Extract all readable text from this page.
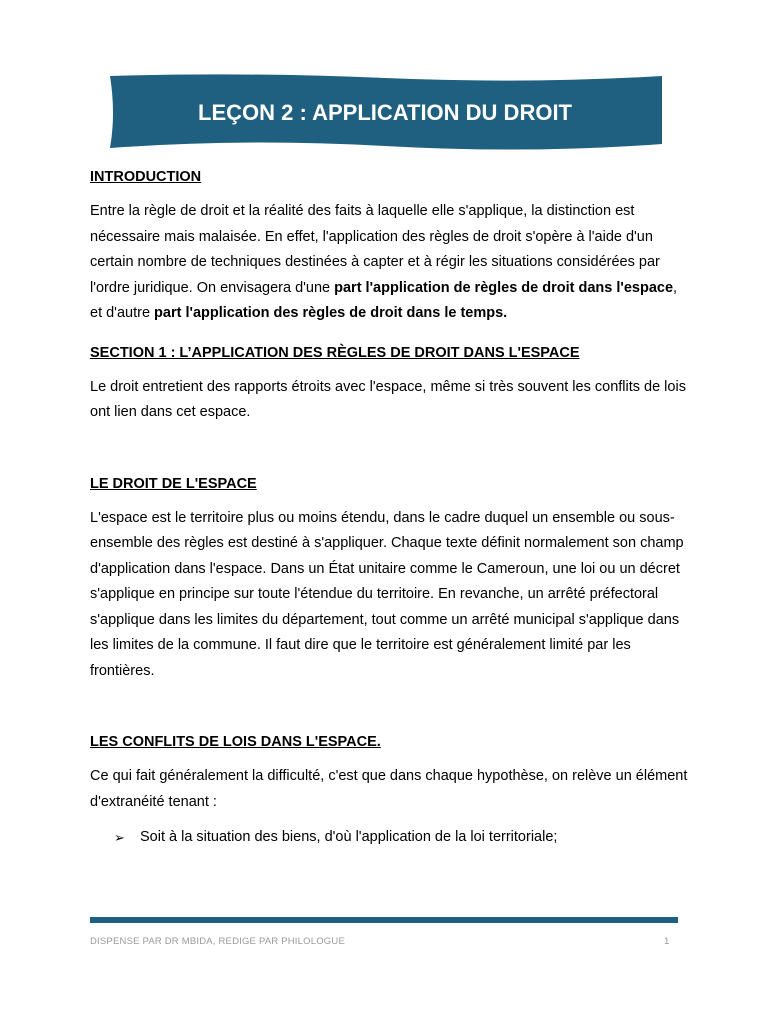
LEÇON 2 : APPLICATION DU DROIT

INTRODUCTION

Entre la règle de droit et la réalité des faits à laquelle elle s'applique, la distinction est nécessaire mais malaisée. En effet, l'application des règles de droit s'opère à l'aide d'un certain nombre de techniques destinées à capter et à régir les situations considérées par l'ordre juridique. On envisagera d'une part l'application de règles de droit dans l'espace, et d'autre part l'application des règles de droit dans le temps.

SECTION 1 : L’APPLICATION DES RÈGLES DE DROIT DANS L'ESPACE

Le droit entretient des rapports étroits avec l'espace, même si très souvent les conflits de lois ont lien dans cet espace.

LE DROIT DE L'ESPACE

L'espace est le territoire plus ou moins étendu, dans le cadre duquel un ensemble ou sous-ensemble des règles est destiné à s'appliquer. Chaque texte définit normalement son champ d'application dans l'espace. Dans un État unitaire comme le Cameroun, une loi ou un décret s'applique en principe sur toute l'étendue du territoire. En revanche, un arrêté préfectoral s'applique dans les limites du département, tout comme un arrêté municipal s'applique dans les limites de la commune. Il faut dire que le territoire est généralement limité par les frontières.

LES CONFLITS DE LOIS DANS L'ESPACE.

Ce qui fait généralement la difficulté, c'est que dans chaque hypothèse, on relève un élément d'extranéité tenant :

➢	Soit à la situation des biens, d'où l'application de la loi territoriale;
DISPENSE PAR DR MBIDA, REDIGE PAR PHILOLOGUE	1
